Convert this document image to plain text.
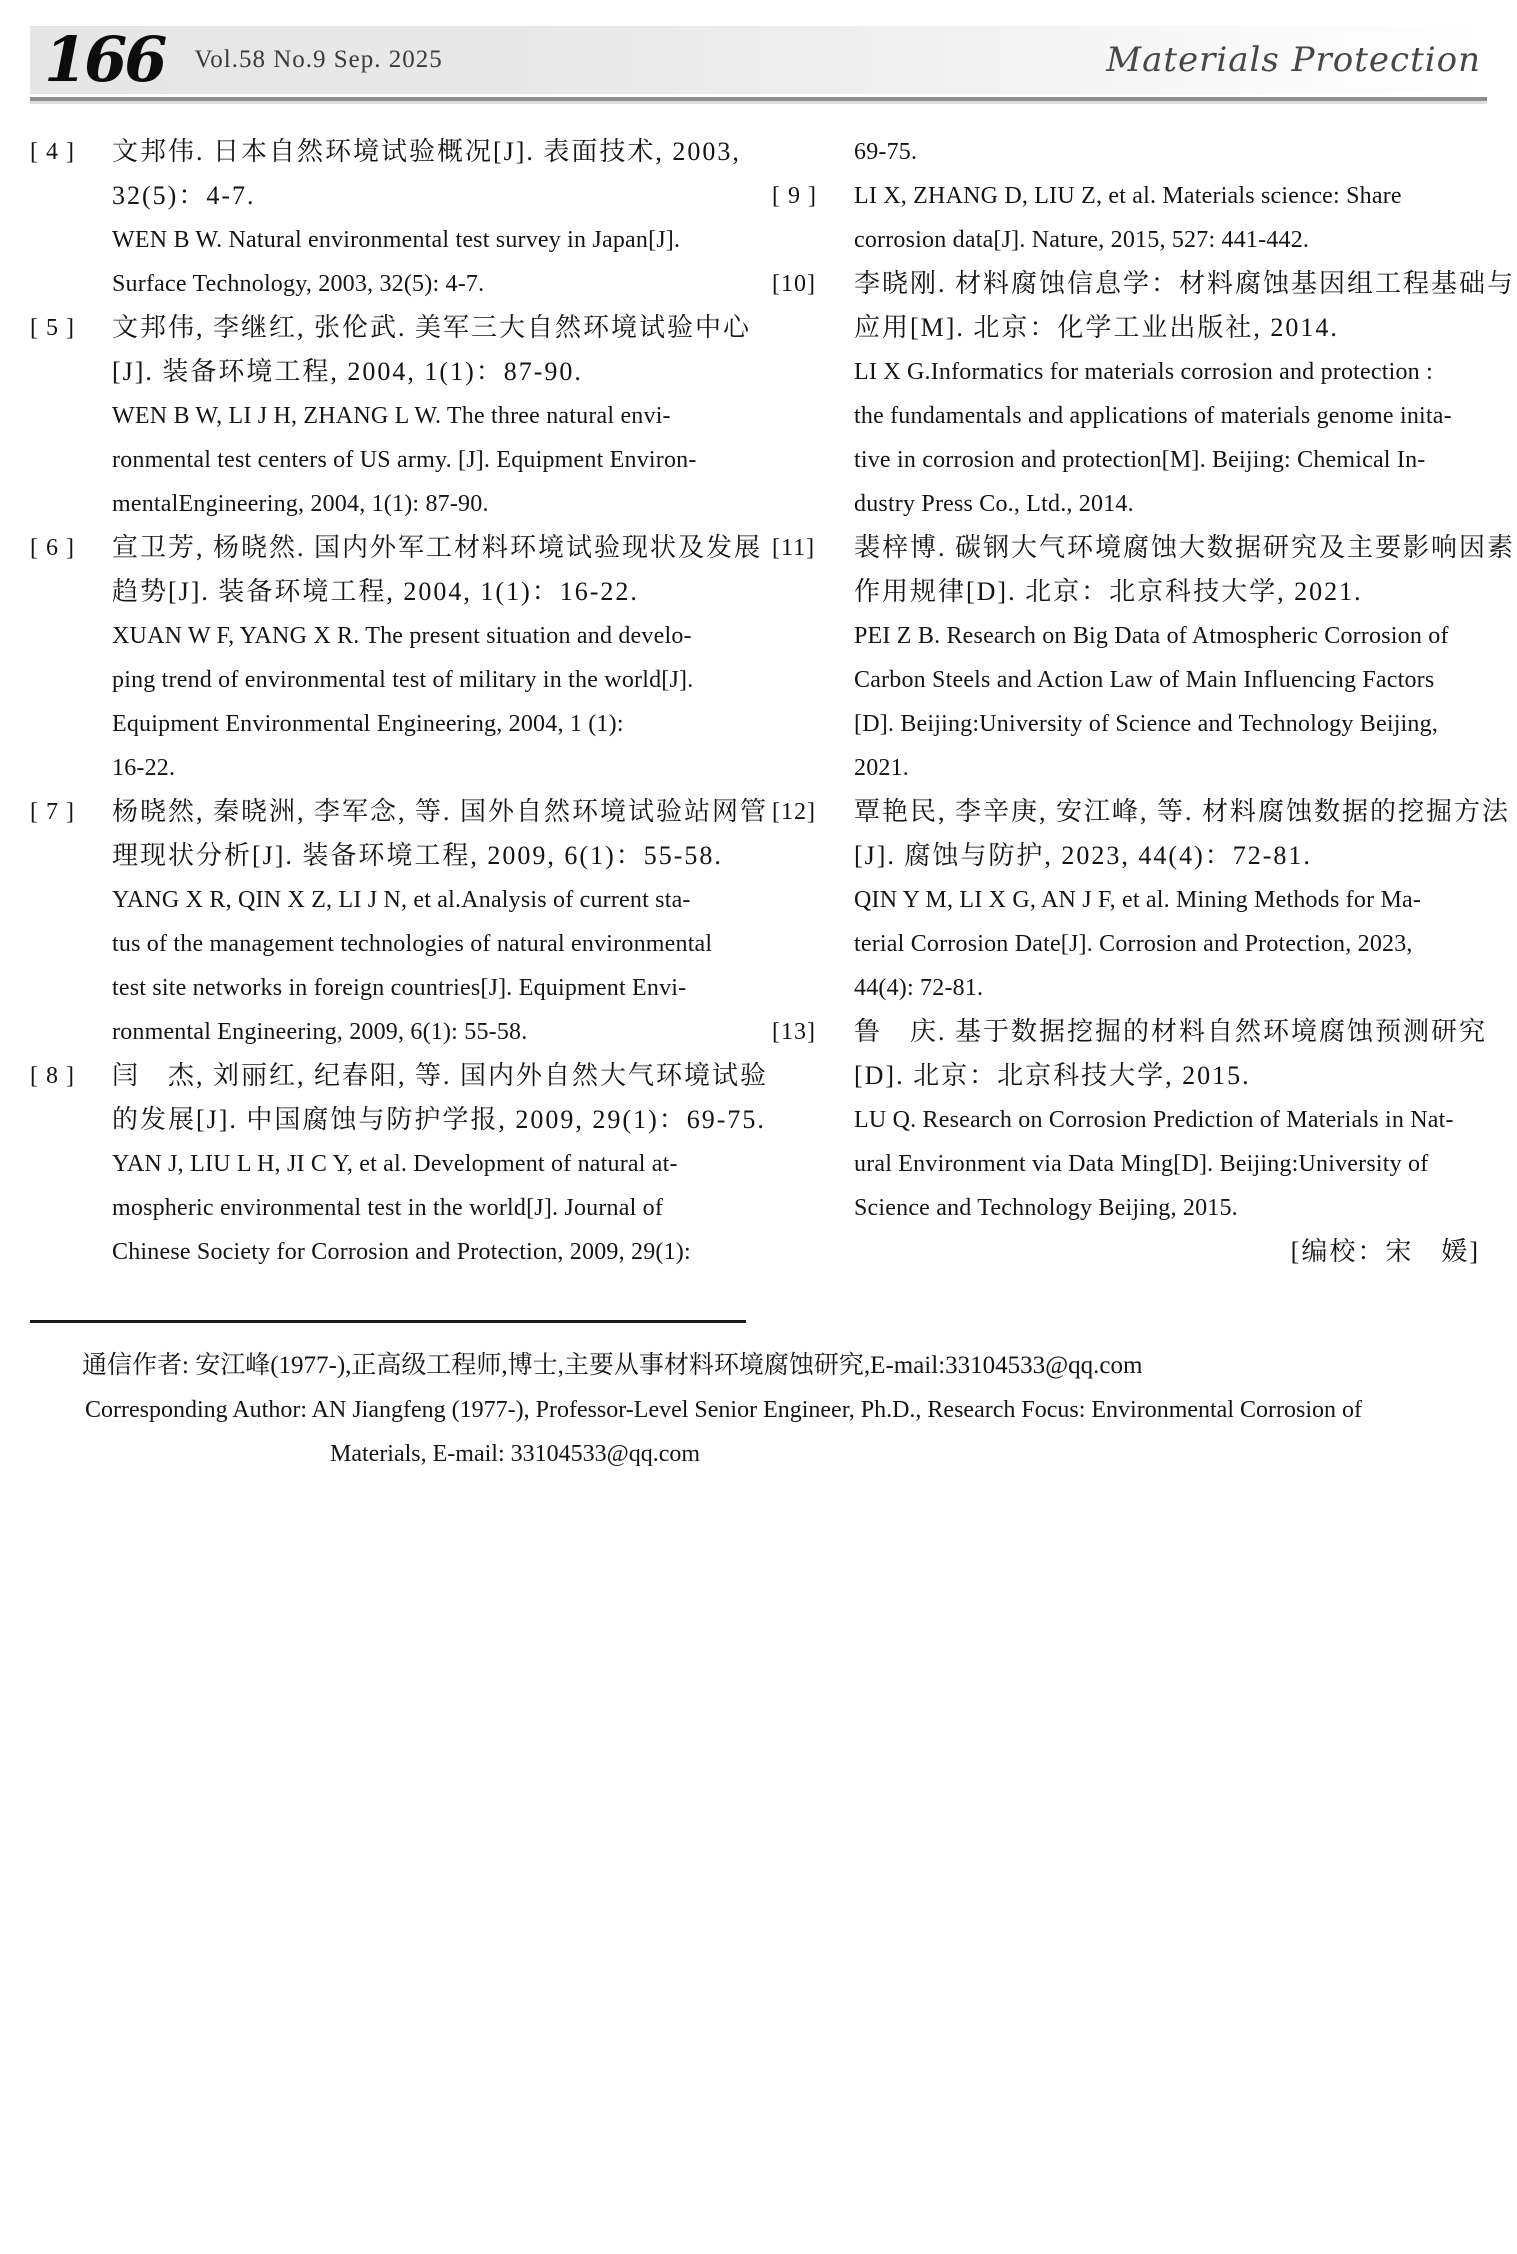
166 Vol.58 No.9 Sep. 2025	Materials Protection
[ 4 ]	文邦伟. 日本自然环境试验概况[J]. 表面技术, 2003,
32(5)：4-7.
WEN B W. Natural environmental test survey in Japan[J].
Surface Technology, 2003, 32(5): 4-7.
[ 5 ]	文邦伟, 李继红, 张伦武. 美军三大自然环境试验中心
[J]. 装备环境工程, 2004, 1(1)：87-90.
WEN B W, LI J H, ZHANG L W. The three natural envi-
ronmental test centers of US army. [J]. Equipment Environ-
mentalEngineering, 2004, 1(1): 87-90.
[ 6 ]	宣卫芳, 杨晓然. 国内外军工材料环境试验现状及发展
趋势[J]. 装备环境工程, 2004, 1(1)：16-22.
XUAN W F, YANG X R. The present situation and develo-
ping trend of environmental test of military in the world[J].
Equipment Environmental Engineering, 2004, 1 (1):
16-22.
[ 7 ]	杨晓然, 秦晓洲, 李军念, 等. 国外自然环境试验站网管
理现状分析[J]. 装备环境工程, 2009, 6(1)：55-58.
YANG X R, QIN X Z, LI J N, et al.Analysis of current sta-
tus of the management technologies of natural environmental
test site networks in foreign countries[J]. Equipment Envi-
ronmental Engineering, 2009, 6(1): 55-58.
[ 8 ]	闫　杰, 刘丽红, 纪春阳, 等. 国内外自然大气环境试验
的发展[J]. 中国腐蚀与防护学报, 2009, 29(1)：69-75.
YAN J, LIU L H, JI C Y, et al. Development of natural at-
mospheric environmental test in the world[J]. Journal of
Chinese Society for Corrosion and Protection, 2009, 29(1):
69-75.
[ 9 ]	LI X, ZHANG D, LIU Z, et al. Materials science: Share
corrosion data[J]. Nature, 2015, 527: 441-442.
[10]	李晓刚. 材料腐蚀信息学：材料腐蚀基因组工程基础与
应用[M]. 北京：化学工业出版社, 2014.
LI X G.Informatics for materials corrosion and protection :
the fundamentals and applications of materials genome inita-
tive in corrosion and protection[M]. Beijing: Chemical In-
dustry Press Co., Ltd., 2014.
[11]	裴梓博. 碳钢大气环境腐蚀大数据研究及主要影响因素
作用规律[D]. 北京：北京科技大学, 2021.
PEI Z B. Research on Big Data of Atmospheric Corrosion of
Carbon Steels and Action Law of Main Influencing Factors
[D]. Beijing:University of Science and Technology Beijing,
2021.
[12]	覃艳民, 李辛庚, 安江峰, 等. 材料腐蚀数据的挖掘方法
[J]. 腐蚀与防护, 2023, 44(4)：72-81.
QIN Y M, LI X G, AN J F, et al. Mining Methods for Ma-
terial Corrosion Date[J]. Corrosion and Protection, 2023,
44(4): 72-81.
[13]	鲁　庆. 基于数据挖掘的材料自然环境腐蚀预测研究
[D]. 北京：北京科技大学, 2015.
LU Q. Research on Corrosion Prediction of Materials in Nat-
ural Environment via Data Ming[D]. Beijing:University of
Science and Technology Beijing, 2015.
[编校：宋　媛]

通信作者: 安江峰(1977-),正高级工程师,博士,主要从事材料环境腐蚀研究,E-mail:33104533@qq.com

Corresponding Author: AN Jiangfeng (1977-), Professor-Level Senior Engineer, Ph.D., Research Focus: Environmental Corrosion of

Materials, E-mail: 33104533@qq.com
